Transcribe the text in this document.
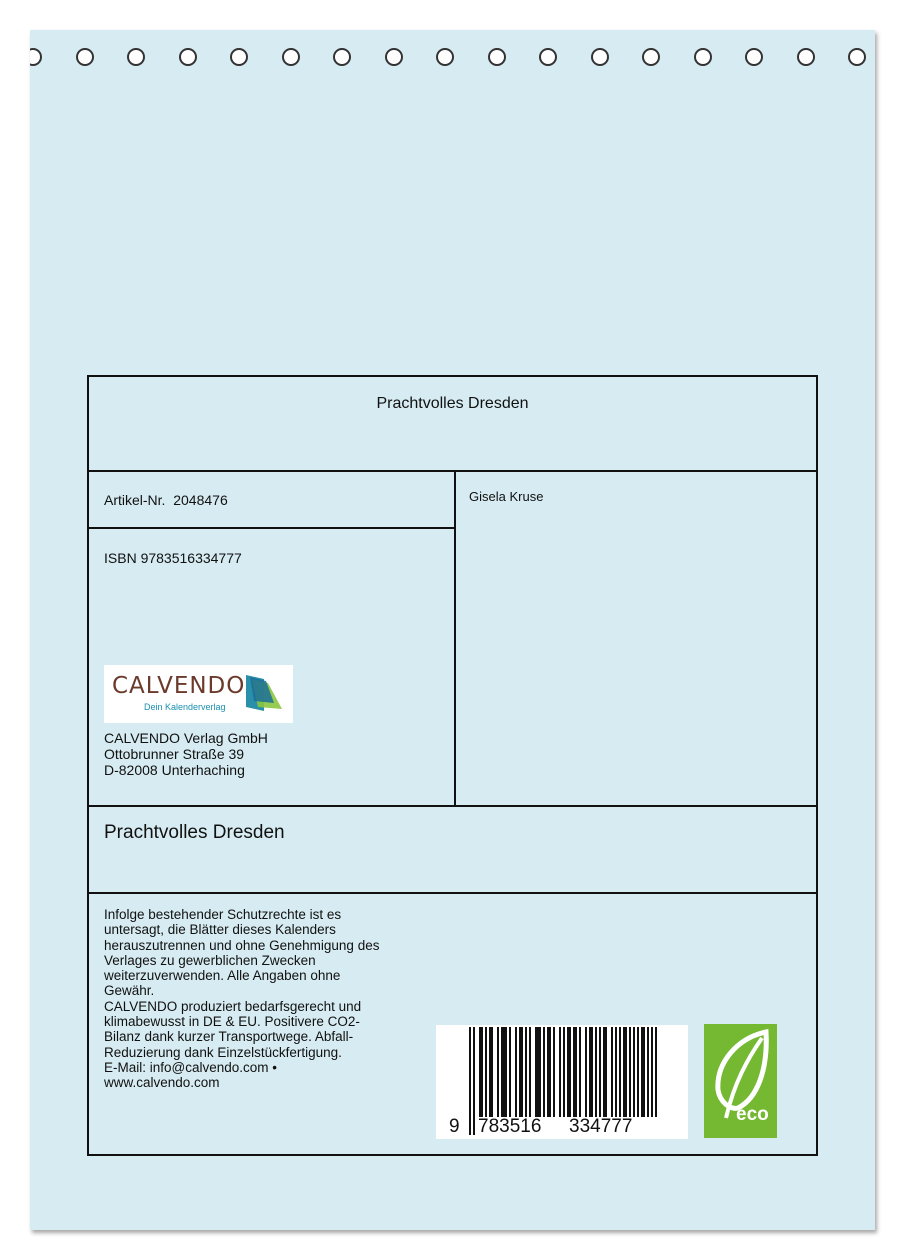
Prachtvolles Dresden
Artikel-Nr. 2048476	Gisela Kruse
ISBN 9783516334777
CALVENDO
Dein Kalenderverlag
CALVENDO Verlag GmbH
Ottobrunner Straße 39
D-82008 Unterhaching
Prachtvolles Dresden
Infolge bestehender Schutzrechte ist es
untersagt, die Blätter dieses Kalenders
herauszutrennen und ohne Genehmigung des
Verlages zu gewerblichen Zwecken
weiterzuverwenden. Alle Angaben ohne
Gewähr.
CALVENDO produziert bedarfsgerecht und
klimabewusst in DE & EU. Positivere CO2-
Bilanz dank kurzer Transportwege. Abfall-
Reduzierung dank Einzelstückfertigung.
E-Mail: info@calvendo.com •
www.calvendo.com
9 783516 334777
eco
